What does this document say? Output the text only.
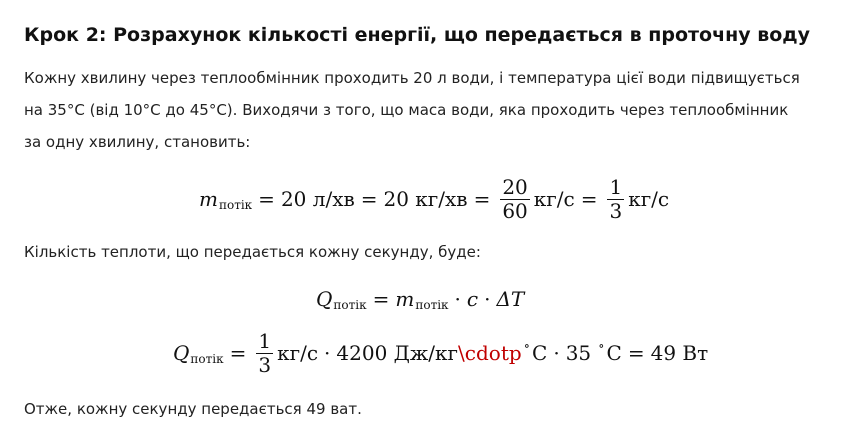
Крок 2: Розрахунок кількості енергії, що передається в проточну воду

Кожну хвилину через теплообмінник проходить 20 л води, і температура цієї води підвищується

на 35°C (від 10°C до 45°C). Виходячи з того, що маса води, яка проходить через теплообмінник

за одну хвилину, становить:

m потік = 20 л/хв = 20 $кг/хв = \frac{20}{60} кг/с = \frac{1}{3} кг/с$

Кількість теплоти, що передається кожну секунду, буде:

Q потік = m потік · c · ΔT
Q потік = $\frac{1}{3} кг/с \cdot 4200$ Дж/кг \cdotp ∘ C · 35 ∘ C = 49 Вт

Отже, кожну секунду передається 49 ват.
